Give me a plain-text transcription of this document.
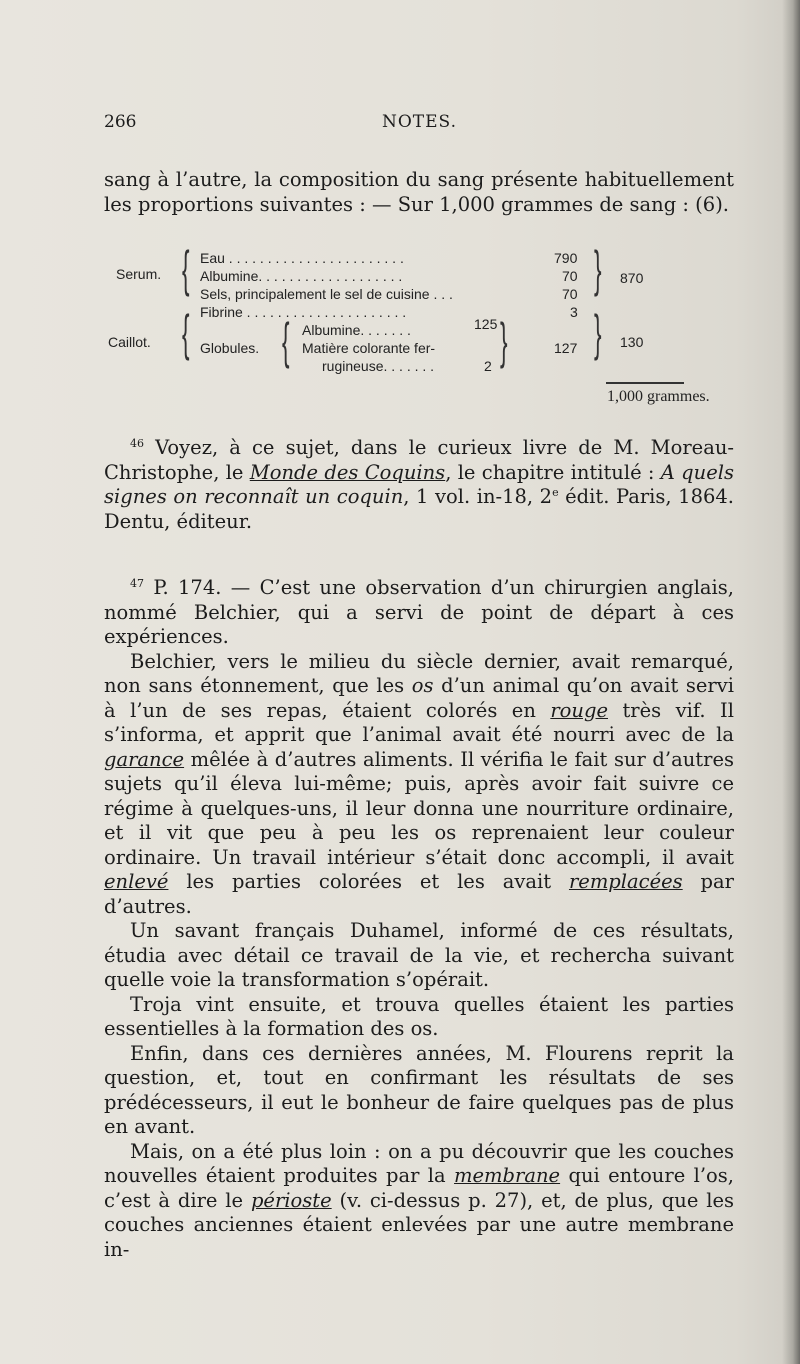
266	NOTES.

sang à l’autre, la composition du sang présente habituellement les proportions suivantes : — Sur 1,000 grammes de sang : (6).

Serum. { Eau . . . . . . . . . . . . . . . . . . . . . . .	790
Albumine. . . . . . . . . . . . . . . . . . .	70
Sels, principalement le sel de cuisine . . .	70 } 870
Caillot. { Fibrine . . . . . . . . . . . . . . . . . . . . .	3
Globules. { Albumine. . . . . . .	125
Matière colorante fer-
rugineuse. . . . . . .	2 }	127 } 130
1,000 grammes.

$^{46}$ Voyez, à ce sujet, dans le curieux livre de M. Moreau-Christophe, le Monde des Coquins, le chapitre intitulé : A quels signes on reconnaît un coquin, 1 vol. in-18, 2e édit. Paris, 1864. Dentu, éditeur.

$^{47}$ P. 174. — C’est une observation d’un chirurgien anglais, nommé Belchier, qui a servi de point de départ à ces expériences.

Belchier, vers le milieu du siècle dernier, avait remarqué, non sans étonnement, que les os d’un animal qu’on avait servi à l’un de ses repas, étaient colorés en rouge très vif. Il s’informa, et apprit que l’animal avait été nourri avec de la garance mêlée à d’autres aliments. Il vérifia le fait sur d’autres sujets qu’il éleva lui-même; puis, après avoir fait suivre ce régime à quelques-uns, il leur donna une nourriture ordinaire, et il vit que peu à peu les os reprenaient leur couleur ordinaire. Un travail intérieur s’était donc accompli, il avait enlevé les parties colorées et les avait remplacées par d’autres.

Un savant français Duhamel, informé de ces résultats, étudia avec détail ce travail de la vie, et rechercha suivant quelle voie la transformation s’opérait.

Troja vint ensuite, et trouva quelles étaient les parties essentielles à la formation des os.

Enfin, dans ces dernières années, M. Flourens reprit la question, et, tout en confirmant les résultats de ses prédécesseurs, il eut le bonheur de faire quelques pas de plus en avant.

Mais, on a été plus loin : on a pu découvrir que les couches nouvelles étaient produites par la membrane qui entoure l’os, c’est à dire le périoste (v. ci-dessus p. 27), et, de plus, que les couches anciennes étaient enlevées par une autre membrane in-
